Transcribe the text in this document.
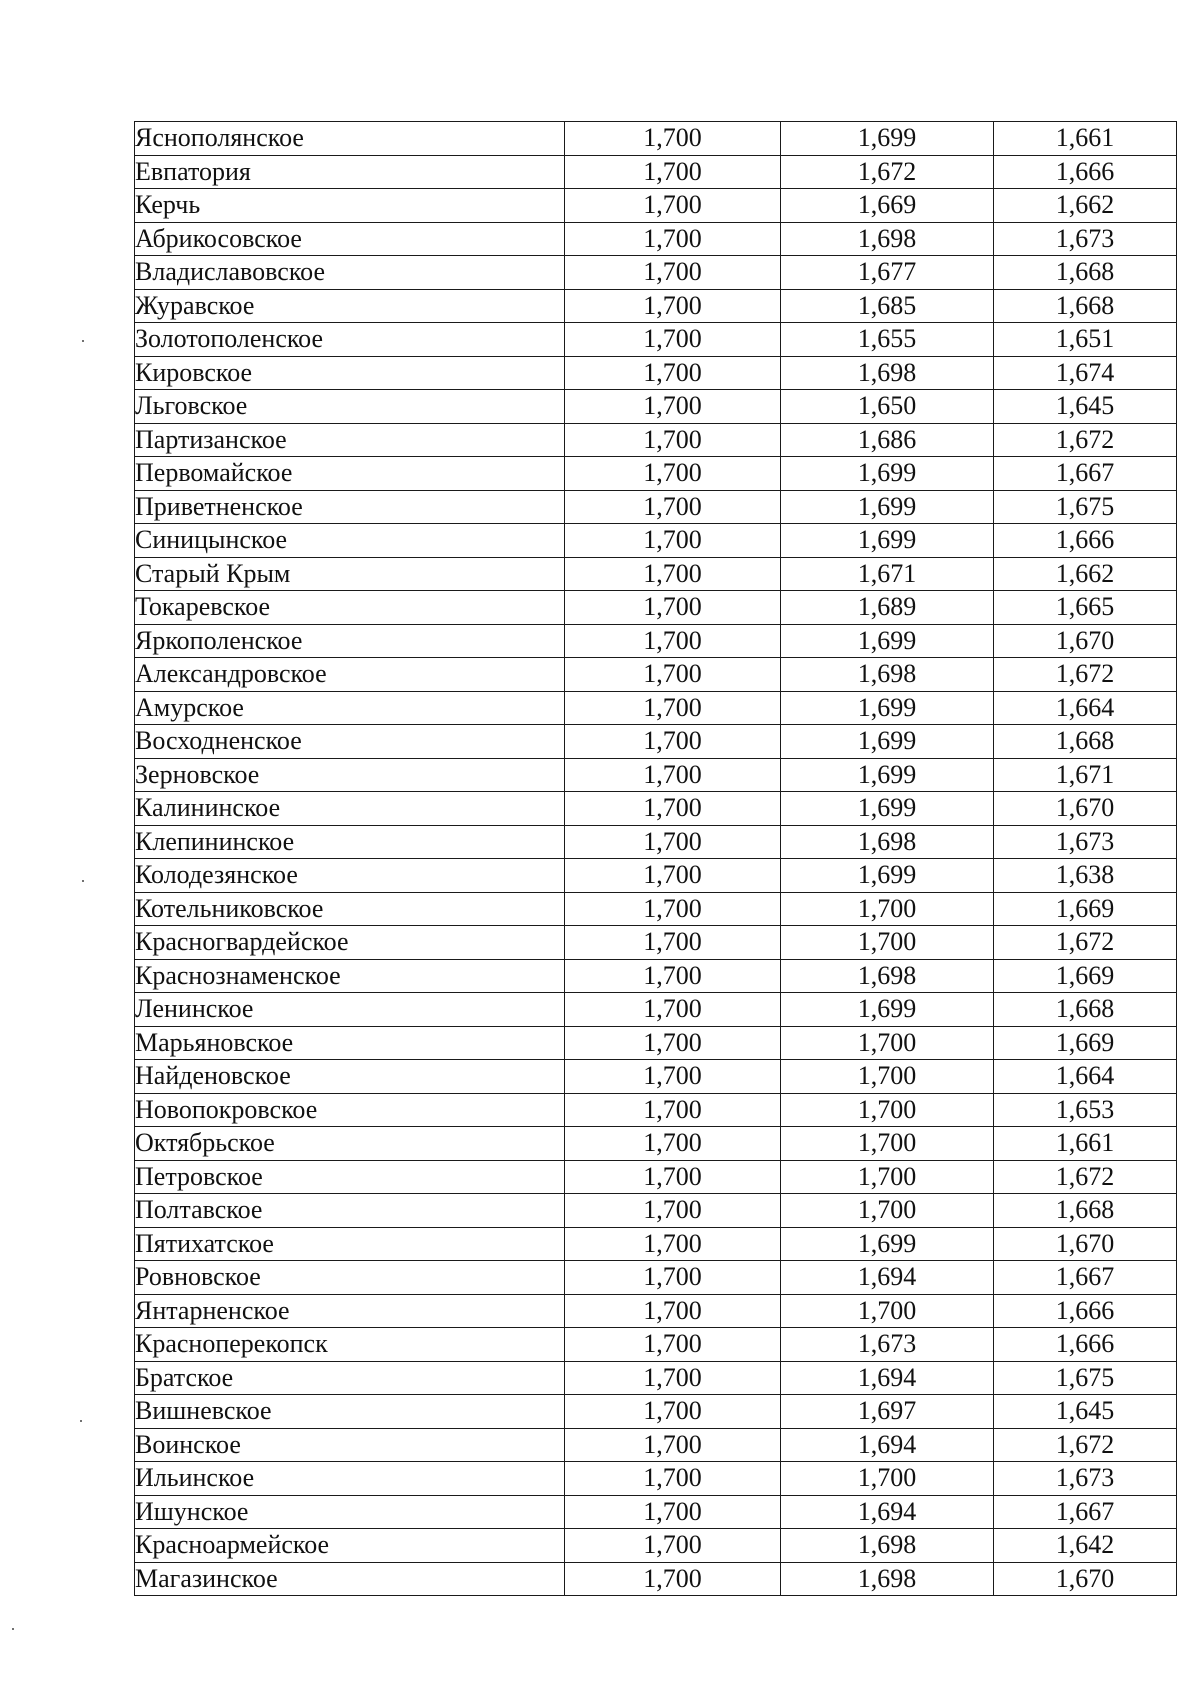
Яснополянское	1,700	1,699	1,661
Евпатория	1,700	1,672	1,666
Керчь	1,700	1,669	1,662
Абрикосовское	1,700	1,698	1,673
Владиславовское	1,700	1,677	1,668
Журавское	1,700	1,685	1,668
Золотополенское	1,700	1,655	1,651
Кировское	1,700	1,698	1,674
Льговское	1,700	1,650	1,645
Партизанское	1,700	1,686	1,672
Первомайское	1,700	1,699	1,667
Приветненское	1,700	1,699	1,675
Синицынское	1,700	1,699	1,666
Старый Крым	1,700	1,671	1,662
Токаревское	1,700	1,689	1,665
Яркополенское	1,700	1,699	1,670
Александровское	1,700	1,698	1,672
Амурское	1,700	1,699	1,664
Восходненское	1,700	1,699	1,668
Зерновское	1,700	1,699	1,671
Калининское	1,700	1,699	1,670
Клепининское	1,700	1,698	1,673
Колодезянское	1,700	1,699	1,638
Котельниковское	1,700	1,700	1,669
Красногвардейское	1,700	1,700	1,672
Краснознаменское	1,700	1,698	1,669
Ленинское	1,700	1,699	1,668
Марьяновское	1,700	1,700	1,669
Найденовское	1,700	1,700	1,664
Новопокровское	1,700	1,700	1,653
Октябрьское	1,700	1,700	1,661
Петровское	1,700	1,700	1,672
Полтавское	1,700	1,700	1,668
Пятихатское	1,700	1,699	1,670
Ровновское	1,700	1,694	1,667
Янтарненское	1,700	1,700	1,666
Красноперекопск	1,700	1,673	1,666
Братское	1,700	1,694	1,675
Вишневское	1,700	1,697	1,645
Воинское	1,700	1,694	1,672
Ильинское	1,700	1,700	1,673
Ишунское	1,700	1,694	1,667
Красноармейское	1,700	1,698	1,642
Магазинское	1,700	1,698	1,670
